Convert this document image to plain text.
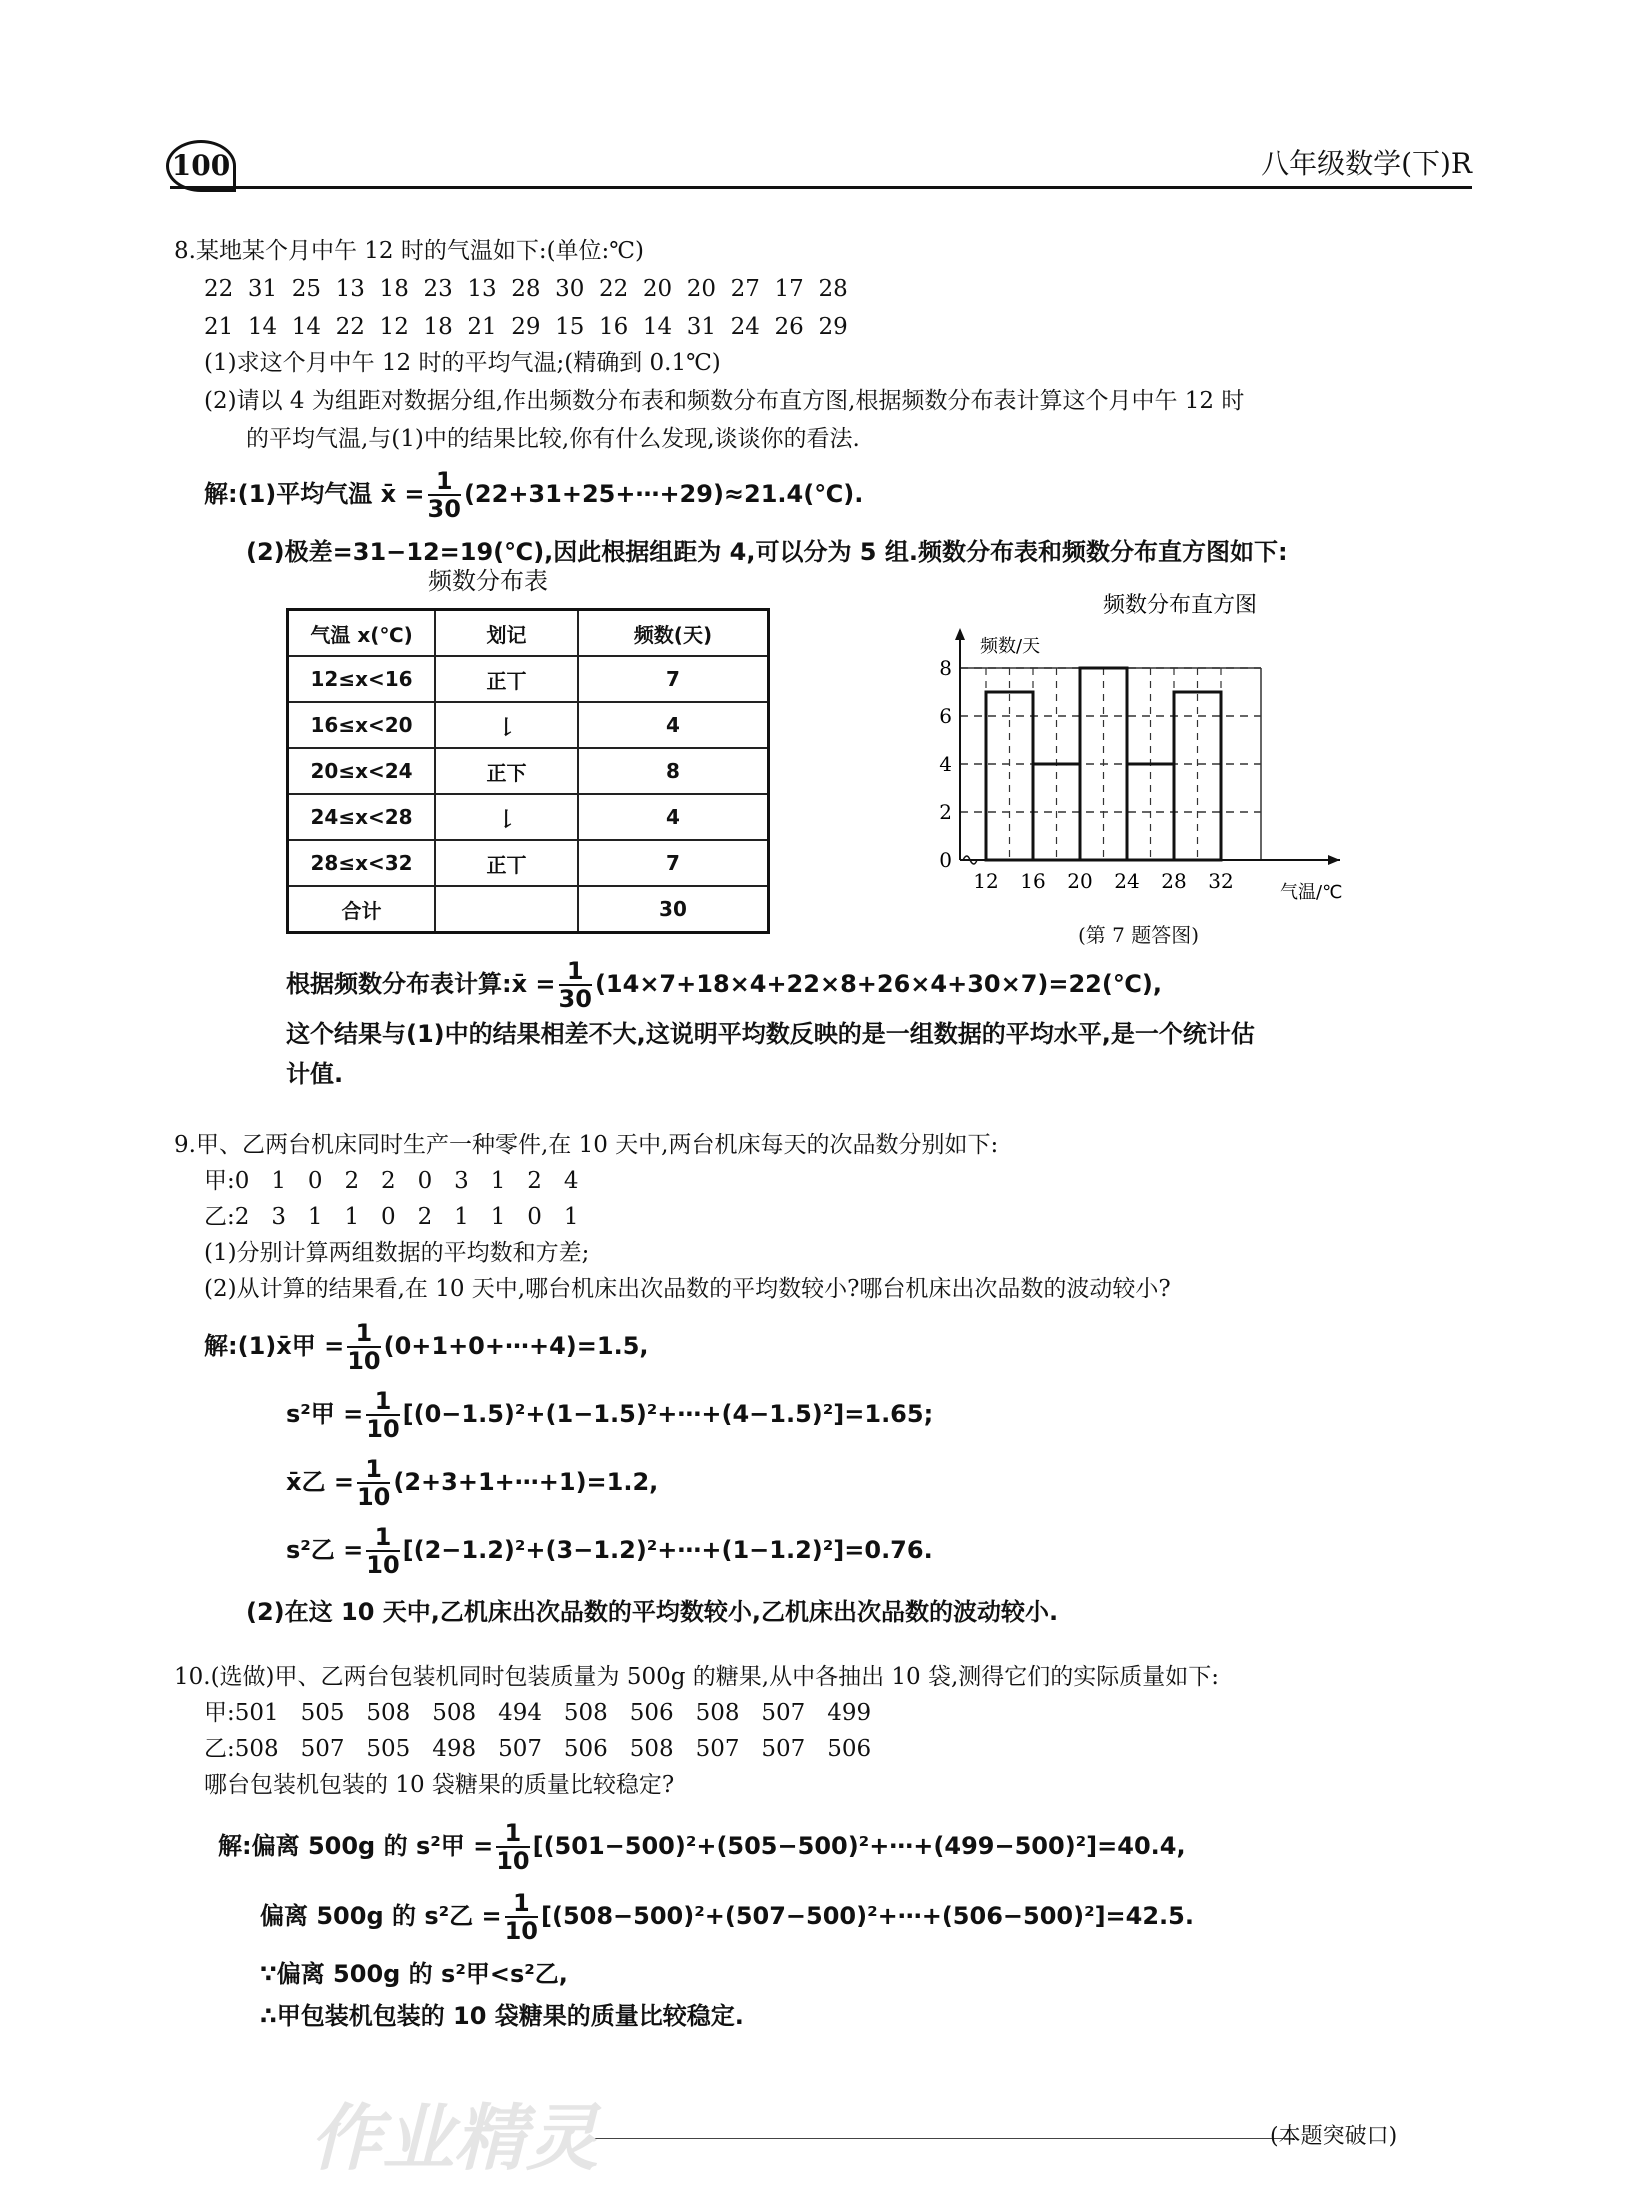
100	八年级数学(下)R
8.某地某个月中午 12 时的气温如下:(单位:℃)
22  31  25  13  18  23  13  28  30  22  20  20  27  17  28
21  14  14  22  12  18  21  29  15  16  14  31  24  26  29
(1)求这个月中午 12 时的平均气温;(精确到 0.1℃)
(2)请以 4 为组距对数据分组,作出频数分布表和频数分布直方图,根据频数分布表计算这个月中午 12 时
的平均气温,与(1)中的结果比较,你有什么发现,谈谈你的看法.
解:(1)平均气温 x̄ = $\frac{1}{30}$ (22+31+25+⋯+29)≈21.4(℃).
(2)极差=31−12=19(℃),因此根据组距为 4,可以分为 5 组.频数分布表和频数分布直方图如下:
频数分布表
气温 x(℃)	划记	频数(天)
12≤x<16	正丅	7
16≤x<20	𠄌	4
20≤x<24	正下	8
24≤x<28	𠄌	4
28≤x<32	正丅	7
合计		30
频数分布直方图
频数/天
气温/℃
0
2
4
6
8
12 16 20 24 28 32
(第 7 题答图)
根据频数分布表计算:x̄ = $\frac{1}{30}$ (14×7+18×4+22×8+26×4+30×7)=22(℃),
这个结果与(1)中的结果相差不大,这说明平均数反映的是一组数据的平均水平,是一个统计估
计值.
9.甲、乙两台机床同时生产一种零件,在 10 天中,两台机床每天的次品数分别如下:
甲:0   1   0   2   2   0   3   1   2   4
乙:2   3   1   1   0   2   1   1   0   1
(1)分别计算两组数据的平均数和方差;
(2)从计算的结果看,在 10 天中,哪台机床出次品数的平均数较小?哪台机床出次品数的波动较小?
解:(1)x̄甲 = $\frac{1}{10}$ (0+1+0+⋯+4)=1.5,
s²甲 = $\frac{1}{10}$ [(0−1.5)²+(1−1.5)²+⋯+(4−1.5)²]=1.65;
x̄乙 = $\frac{1}{10}$ (2+3+1+⋯+1)=1.2,
s²乙 = $\frac{1}{10}$ [(2−1.2)²+(3−1.2)²+⋯+(1−1.2)²]=0.76.
(2)在这 10 天中,乙机床出次品数的平均数较小,乙机床出次品数的波动较小.
10.(选做)甲、乙两台包装机同时包装质量为 500g 的糖果,从中各抽出 10 袋,测得它们的实际质量如下:
甲:501   505   508   508   494   508   506   508   507   499
乙:508   507   505   498   507   506   508   507   507   506
哪台包装机包装的 10 袋糖果的质量比较稳定?
解:偏离 500g 的 s²甲 = $\frac{1}{10}$ [(501−500)²+(505−500)²+⋯+(499−500)²]=40.4,
偏离 500g 的 s²乙 = $\frac{1}{10}$ [(508−500)²+(507−500)²+⋯+(506−500)²]=42.5.
∵偏离 500g 的 s²甲<s²乙,
∴甲包装机包装的 10 袋糖果的质量比较稳定.
(本题突破口)
作业精灵
